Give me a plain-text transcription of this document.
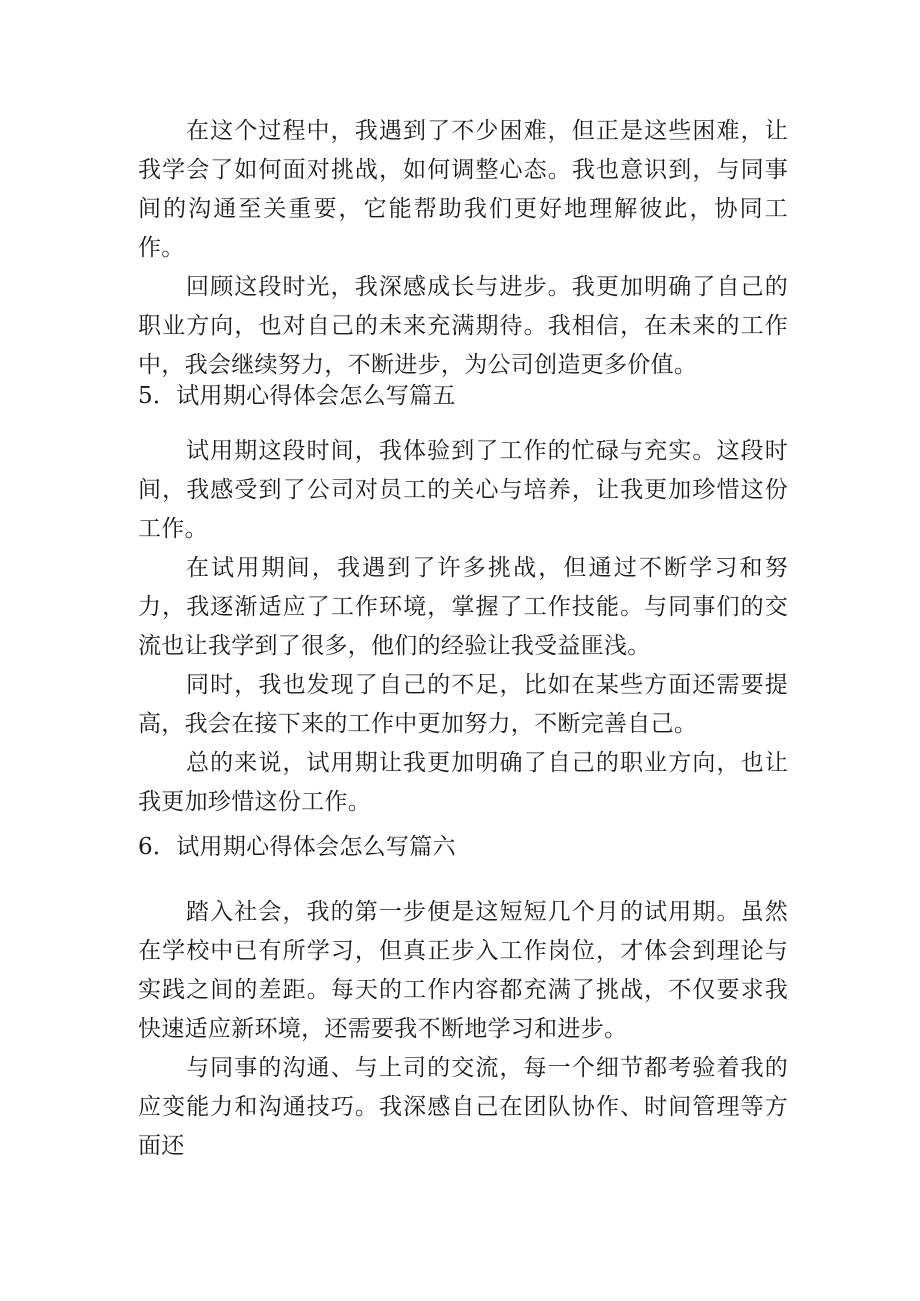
在这个过程中，我遇到了不少困难，但正是这些困难，让我学会了如何面对挑战，如何调整心态。我也意识到，与同事间的沟通至关重要，它能帮助我们更好地理解彼此，协同工作。

回顾这段时光，我深感成长与进步。我更加明确了自己的职业方向，也对自己的未来充满期待。我相信，在未来的工作中，我会继续努力，不断进步，为公司创造更多价值。

5．试用期心得体会怎么写篇五

试用期这段时间，我体验到了工作的忙碌与充实。这段时间，我感受到了公司对员工的关心与培养，让我更加珍惜这份工作。

在试用期间，我遇到了许多挑战，但通过不断学习和努力，我逐渐适应了工作环境，掌握了工作技能。与同事们的交流也让我学到了很多，他们的经验让我受益匪浅。

同时，我也发现了自己的不足，比如在某些方面还需要提高，我会在接下来的工作中更加努力，不断完善自己。

总的来说，试用期让我更加明确了自己的职业方向，也让我更加珍惜这份工作。

6．试用期心得体会怎么写篇六

踏入社会，我的第一步便是这短短几个月的试用期。虽然在学校中已有所学习，但真正步入工作岗位，才体会到理论与实践之间的差距。每天的工作内容都充满了挑战，不仅要求我快速适应新环境，还需要我不断地学习和进步。

与同事的沟通、与上司的交流，每一个细节都考验着我的应变能力和沟通技巧。我深感自己在团队协作、时间管理等方面还
